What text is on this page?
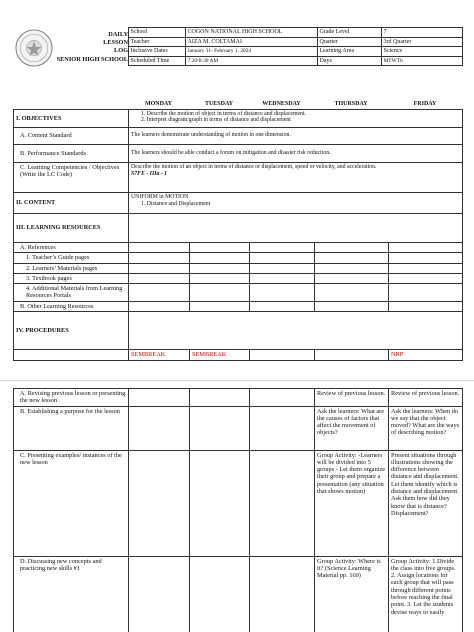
	School	COGON NATIONAL HIGH SCHOOL	Grade Level	7
	Teacher	AIZA M. COLTAMAI	Quarter	3rd Quarter
	Inclusive Dates	January 31- February 1, 2024	Learning Area	Science
	Scheduled Time	7:20-8:30 AM	Days	MTWTh
DAILY
LESSON
LOG
SENIOR HIGH SCHOOL
MONDAY	TUESDAY	WEDNESDAY	THURSDAY	FRIDAY
I. OBJECTIVES	1. Describe the motion of object in terms of distance and displacement.
2. Interpret diagram/graph in terms of distance and displacement				

A. Content Standard	The learners demonstrate understanding of motion in one dimension.				
B. Performance Standards	The learners should be able conduct a forum on mitigation and disaster risk reduction.				
C. Learning Competencies / Objectives (Write the LC Code)	Describe the motion of an object in terms of distance or displacement, speed or velocity, and acceleration.
S7FE - IIIa - 1				

II. CONTENT	UNIFORM in MOTION
1. Distance and Displacement				

III. LEARNING RESOURCES					
A. References					
1. Teacher’s Guide pages					
2. Learners’ Materials pages					
3. Textbook pages					
4. Additional Materials from Learning Resources Portals					
B. Other Learning Resources					
IV. PROCEDURES					
	SEMBREAK	SEMBREAK			NRP
A. Revising previous lesson or presenting the new lesson				Review of previous lesson.	Review of previous lesson.
B. Establishing a purpose for the lesson				Ask the learners: What are the causes of factors that affect the movement of objects?	Ask the learners: When do we say that the object moved? What are the ways of describing motion?
C. Presenting examples/ instances of the new lesson				Group Activity: -Learners will be divided into 5 groups - Let them organize their group and prepare a presentation (any situation that shows motion)	Present situations through illustrations showing the difference between distance and displacement. Let them identify which is distance and displacement. Ask them how did they know that is distance? Displacement?
D. Discussing new concepts and practicing new skills #1				Group Activity: Where is it? (Science Learning Material pp. 169)	Group Activity: 1.Divide the class into five groups. 2. Assign locations for each group that will pass through different points before reaching the final point. 3. Let the students devise ways to easily
